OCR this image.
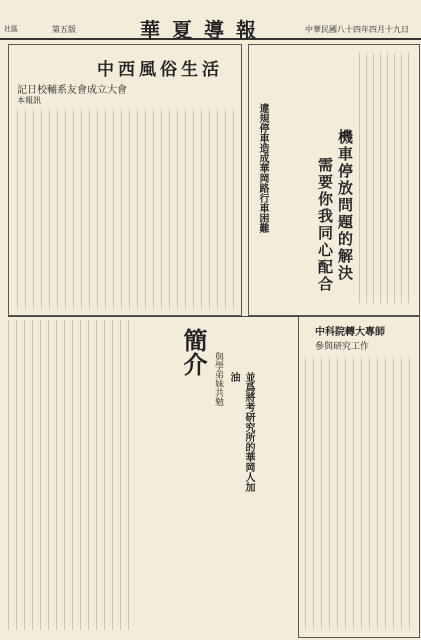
社區	第五版	華夏導報	中華民國八十四年四月十九日
中西風俗生活
記日校輔系友會成立大會
本報訊
違規停車造成華岡路行車困難	機車停放問題的解決
需要你我同心配合
簡介 與學弟妹共勉	並爲將考研究所的華岡人加油
中科院轉大專師
參與研究工作
